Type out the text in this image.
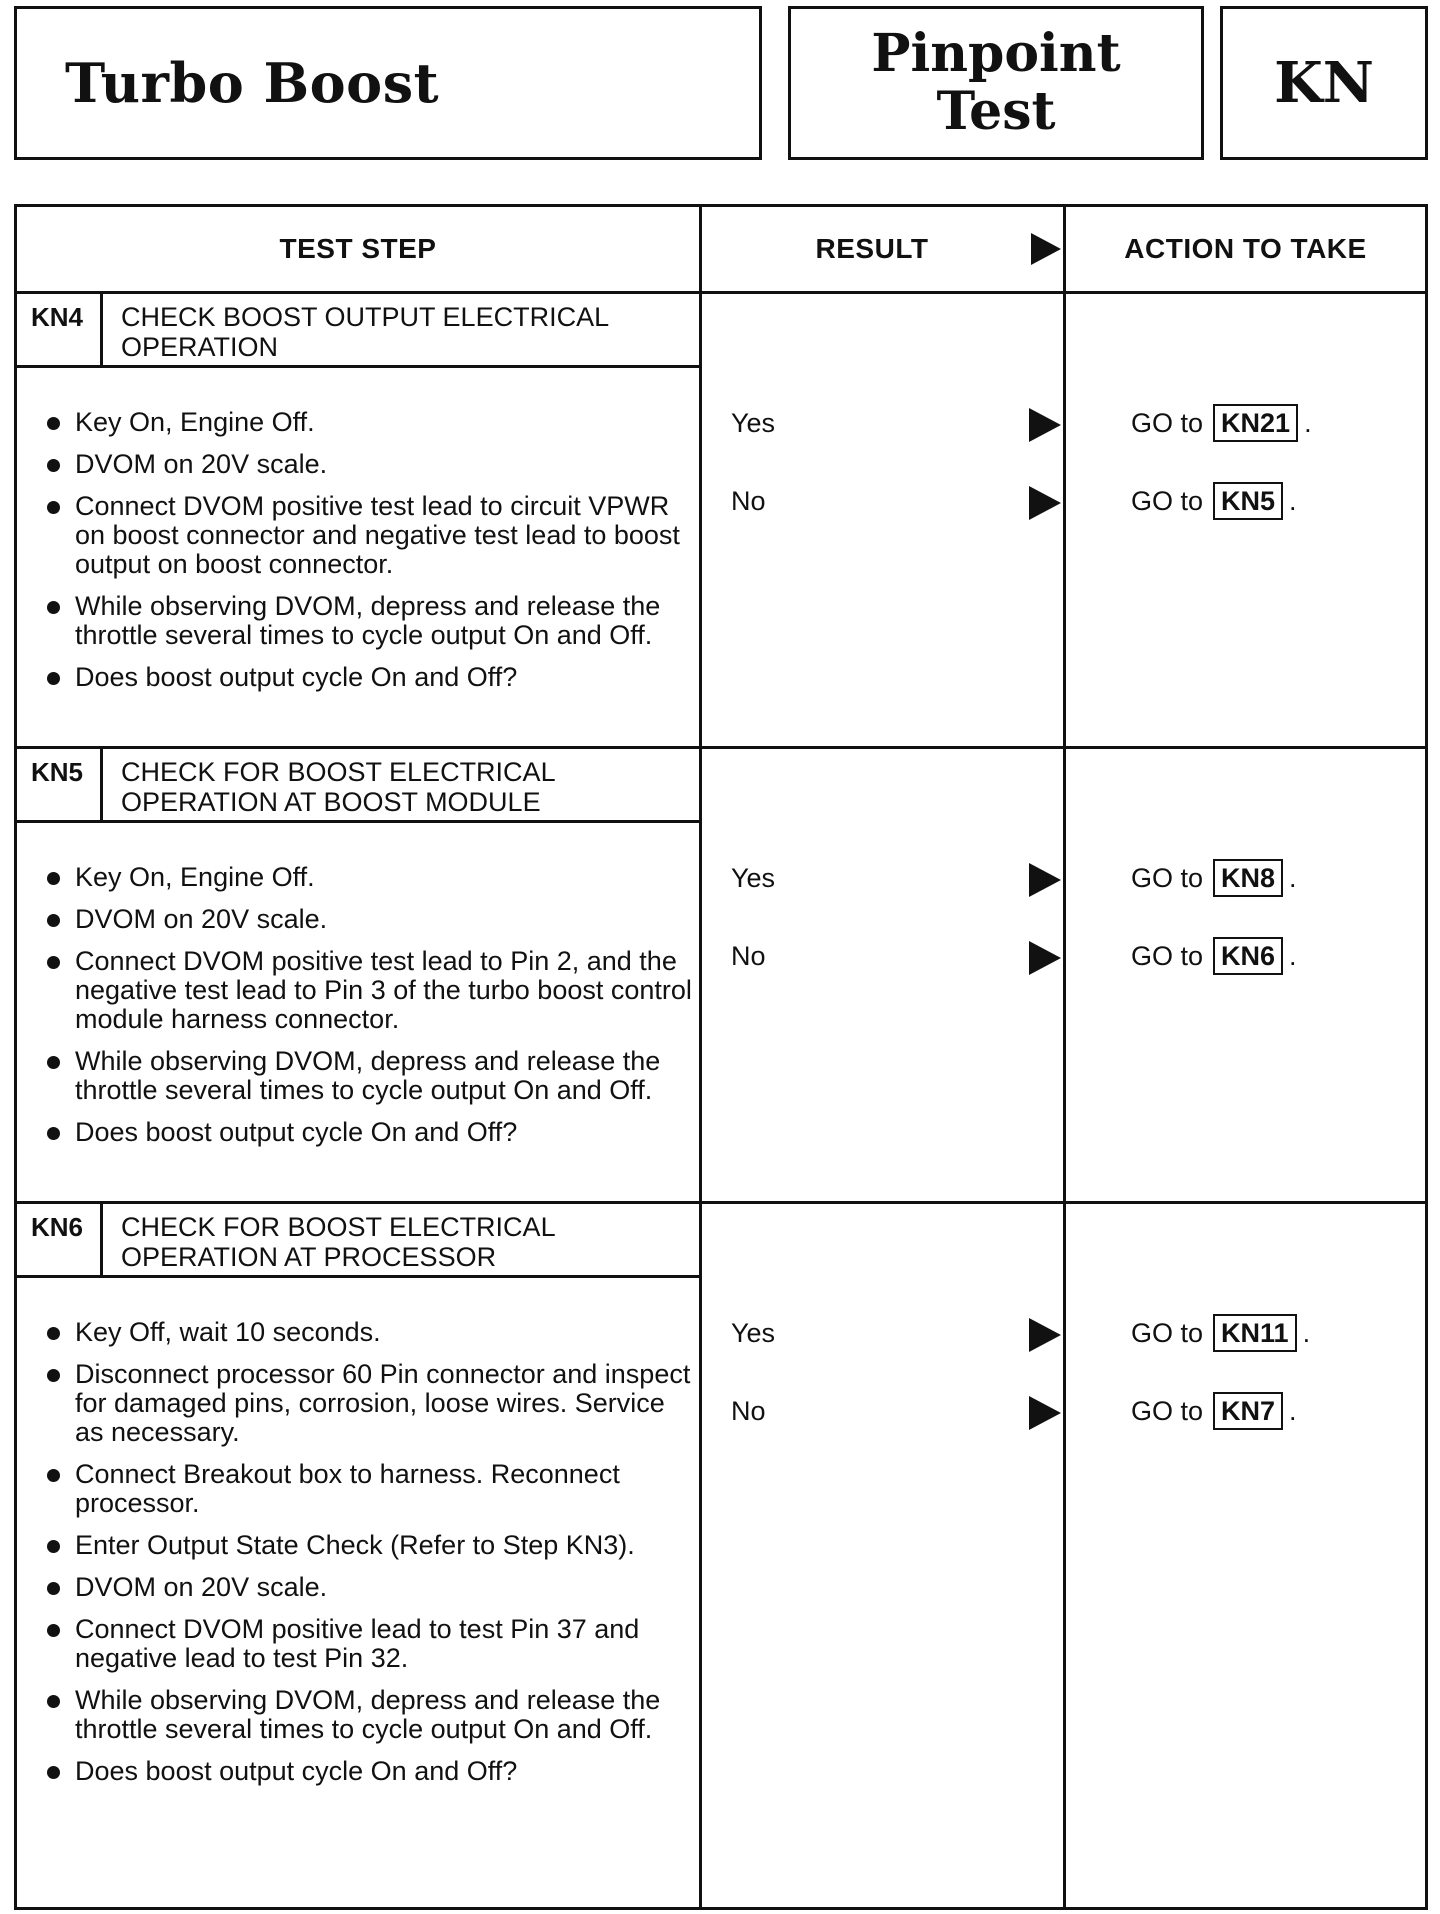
Turbo Boost	Pinpoint
Test	KN
TEST STEP	RESULT	ACTION TO TAKE
KN4	CHECK BOOST OUTPUT ELECTRICAL OPERATION
Key On, Engine Off.
DVOM on 20V scale.
Connect DVOM positive test lead to circuit VPWR on boost connector and negative test lead to boost output on boost connector.
While observing DVOM, depress and release the throttle several times to cycle output On and Off.
Does boost output cycle On and Off?
Yes	GO to KN21 .
No	GO to KN5 .
KN5	CHECK FOR BOOST ELECTRICAL OPERATION AT BOOST MODULE
Key On, Engine Off.
DVOM on 20V scale.
Connect DVOM positive test lead to Pin 2, and the negative test lead to Pin 3 of the turbo boost control module harness connector.
While observing DVOM, depress and release the throttle several times to cycle output On and Off.
Does boost output cycle On and Off?
Yes	GO to KN8 .
No	GO to KN6 .
KN6	CHECK FOR BOOST ELECTRICAL OPERATION AT PROCESSOR
Key Off, wait 10 seconds.
Disconnect processor 60 Pin connector and inspect for damaged pins, corrosion, loose wires. Service as necessary.
Connect Breakout box to harness. Reconnect processor.
Enter Output State Check (Refer to Step KN3).
DVOM on 20V scale.
Connect DVOM positive lead to test Pin 37 and negative lead to test Pin 32.
While observing DVOM, depress and release the throttle several times to cycle output On and Off.
Does boost output cycle On and Off?
Yes	GO to KN11 .
No	GO to KN7 .
